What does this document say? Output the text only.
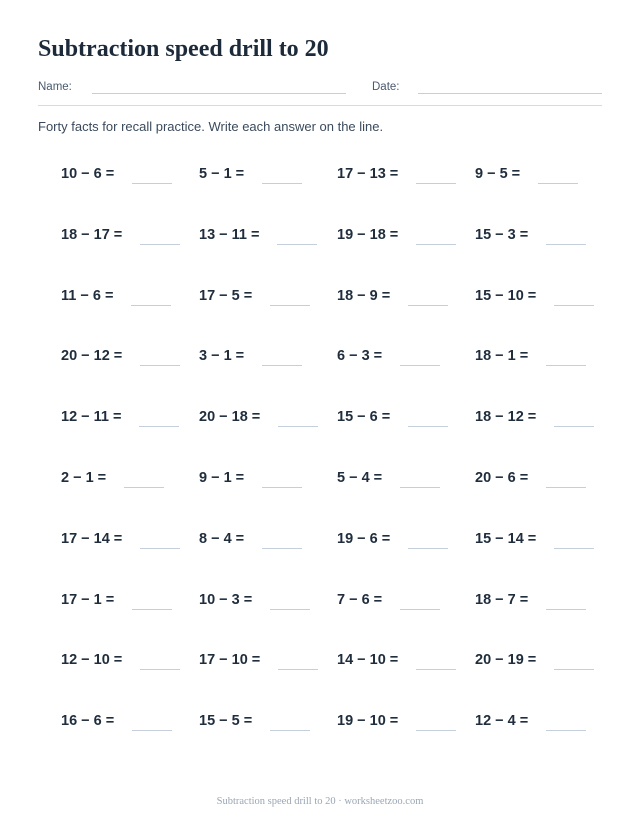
Subtraction speed drill to 20
Name:	Date:
Forty facts for recall practice. Write each answer on the line.
10 − 6 =	5 − 1 =	17 − 13 =	9 − 5 =
18 − 17 =	13 − 11 =	19 − 18 =	15 − 3 =
11 − 6 =	17 − 5 =	18 − 9 =	15 − 10 =
20 − 12 =	3 − 1 =	6 − 3 =	18 − 1 =
12 − 11 =	20 − 18 =	15 − 6 =	18 − 12 =
2 − 1 =	9 − 1 =	5 − 4 =	20 − 6 =
17 − 14 =	8 − 4 =	19 − 6 =	15 − 14 =
17 − 1 =	10 − 3 =	7 − 6 =	18 − 7 =
12 − 10 =	17 − 10 =	14 − 10 =	20 − 19 =
16 − 6 =	15 − 5 =	19 − 10 =	12 − 4 =
Subtraction speed drill to 20 · worksheetzoo.com
